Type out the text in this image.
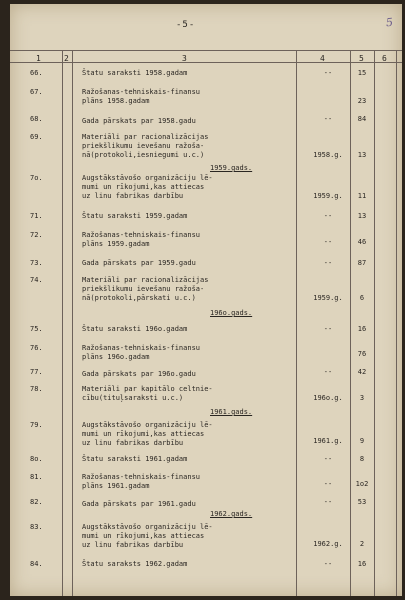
-5-	5
1	2	3	4	5 6
66.	Štatu saraksti 1958.gadam	--	15
67.	Ražošanas-tehniskais-finansu
plāns 1958.gadam	23
68.	Gada pārskats par 1958.gadu	--	84
69.	Materiāli par racionalizācijas
priekšlikumu ievešanu ražoša-
nā(protokoli,iesniegumi u.c.)	1958.g.	13
1959.gads.
7o.	Augstākstāvošo organizāciju lē-
mumi un rīkojumi,kas attiecas
uz linu fabrikas darbību	1959.g.	11
71.	Štatu saraksti 1959.gadam	--	13
72.	Ražošanas-tehniskais-finansu
plāns 1959.gadam	--	46
73.	Gada pārskats par 1959.gadu	--	87
74.	Materiāli par racionalizācijas
priekšlikumu ievešanu ražoša-
nā(protokoli,pārskati u.c.)	1959.g.	6
196o.gads.
75.	Štatu saraksti 196o.gadam	--	16
76.	Ražošanas-tehniskais-finansu
plāns 196o.gadam	76
77.	Gada pārskats par 196o.gadu	--	42
78.	Materiāli par kapitālo celtnie-
cību(tituļsaraksti u.c.)	196o.g.	3
1961.gads.
79.	Augstākstāvošo organizāciju lē-
mumi un rīkojumi,kas attiecas
uz linu fabrikas darbību	1961.g.	9
8o.	Štatu saraksti 1961.gadam	--	8
81.	Ražošanas-tehniskais-finansu
plāns 1961.gadam	--	1o2
82.	Gada pārskats par 1961.gadu	--	53
1962.gads.
83.	Augstākstāvošo organizāciju lē-
mumi un rīkojumi,kas attiecas
uz linu fabrikas darbību	1962.g.	2
84.	Štatu saraksts 1962.gadam	--	16
